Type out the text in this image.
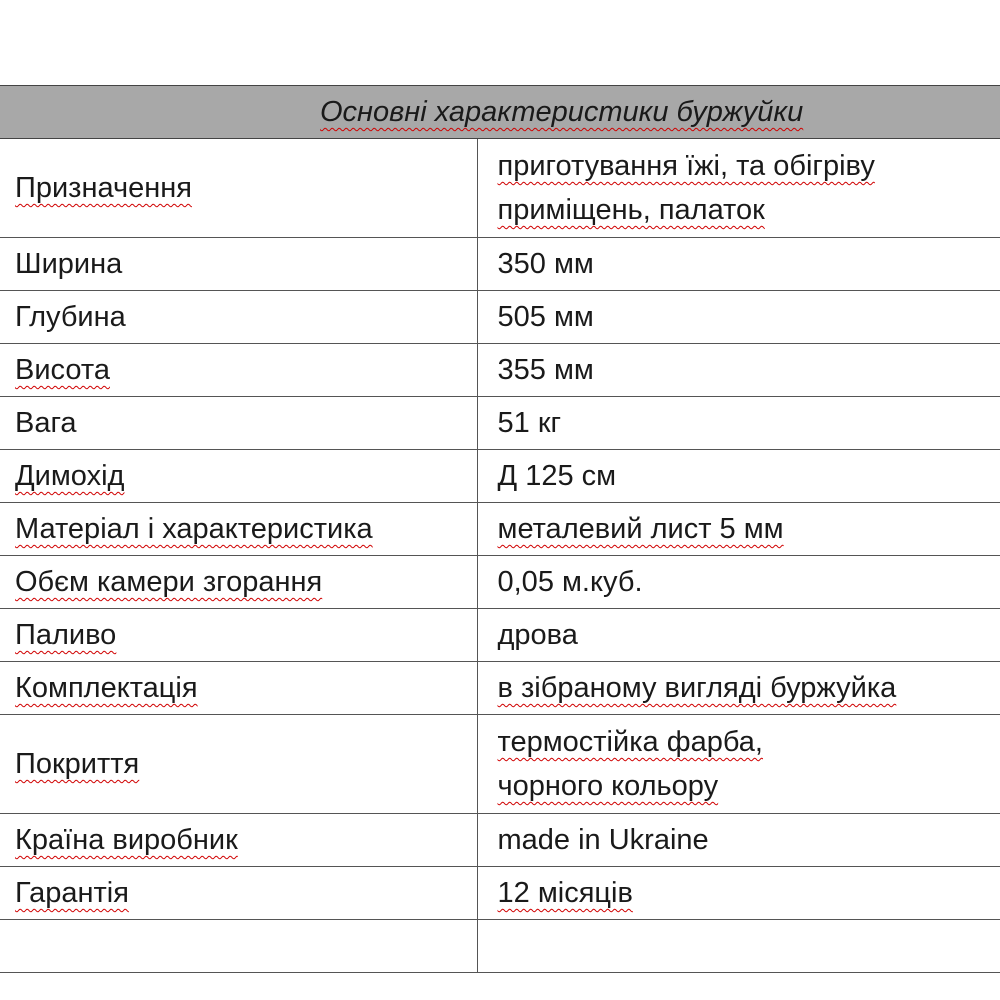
Основні характеристики буржуйки	
Призначення	приготування їжі, та обігріву
приміщень, палаток
Ширина	350 мм
Глубина	505 мм
Висота	355 мм
Вага	51 кг
Димохід	Д 125 см
Матеріал і характеристика	металевий лист 5 мм
Обєм камери згорання	0,05 м.куб.
Паливо	дрова
Комплектація	в зібраному вигляді буржуйка
Покриття	термостійка фарба,
чорного кольору
Країна виробник	made in Ukraine
Гарантія	12 місяців
